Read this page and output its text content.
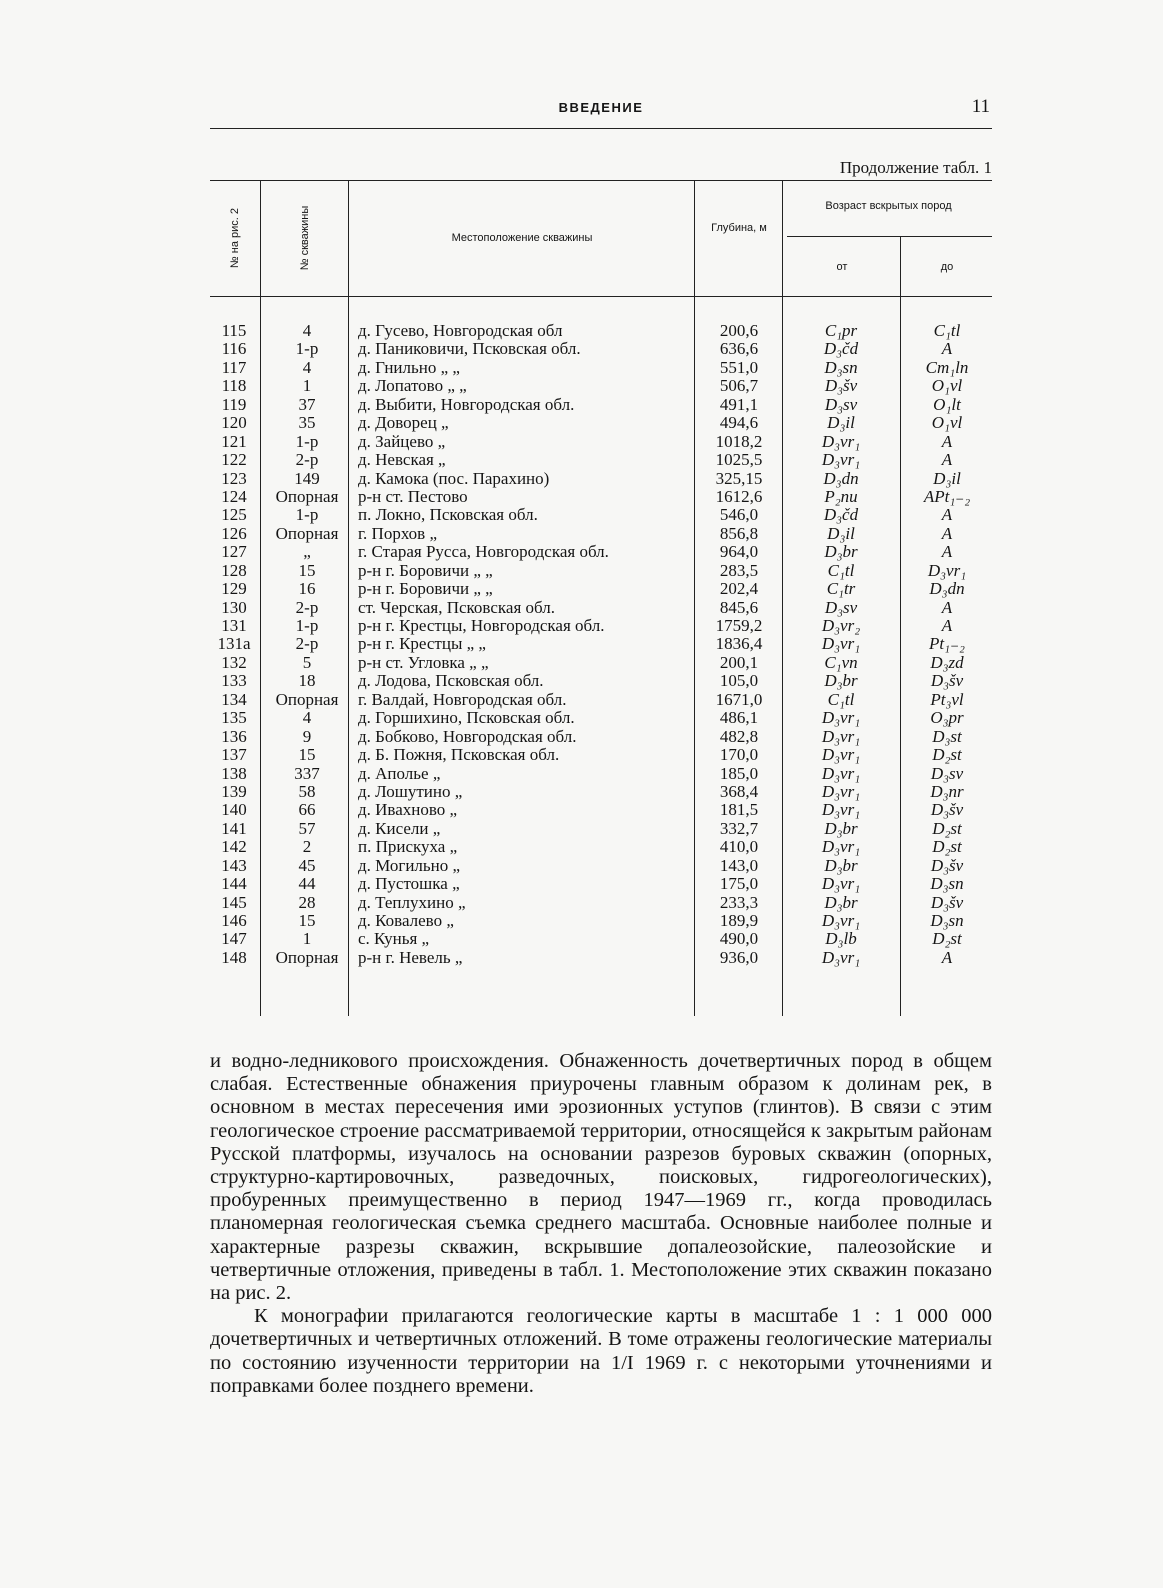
ВВЕДЕНИЕ	11
Продолжение табл. 1
№ на рис. 2	№ скважины	Местоположение скважины
Глубина, м
Возраст вскрытых пород
от	до
115	4	д. Гусево, Новгородская обл	200,6	C₁pr	C₁tl
116	1-р	д. Паниковичи, Псковская обл.	636,6	D₃čd	A
117	4	д. Гнильно „ „	551,0	D₃sn	Cm₁ln
118	1	д. Лопатово „ „	506,7	D₃šv	O₁vl
119	37	д. Выбити, Новгородская обл.	491,1	D₃sv	O₁lt
120	35	д. Доворец „	494,6	D₃il	O₁vl
121	1-р	д. Зайцево „	1018,2	D₃vr₁	A
122	2-р	д. Невская „	1025,5	D₃vr₁	A
123	149	д. Камока (пос. Парахино)	325,15	D₃dn	D₃il
124	Опорная	р-н ст. Пестово	1612,6	P₂nu	APt₁₋₂
125	1-р	п. Локно, Псковская обл.	546,0	D₃čd	A
126	Опорная	г. Порхов „	856,8	D₃il	A
127	„	г. Старая Русса, Новгородская обл.	964,0	D₃br	A
128	15	р-н г. Боровичи „ „	283,5	C₁tl	D₃vr₁
129	16	р-н г. Боровичи „ „	202,4	C₁tr	D₃dn
130	2-р	ст. Черская, Псковская обл.	845,6	D₃sv	A
131	1-р	р-н г. Крестцы, Новгородская обл.	1759,2	D₃vr₂	A
131а	2-р	р-н г. Крестцы „ „	1836,4	D₃vr₁	Pt₁₋₂
132	5	р-н ст. Угловка „ „	200,1	C₁vn	D₃zd
133	18	д. Лодова, Псковская обл.	105,0	D₃br	D₃šv
134	Опорная	г. Валдай, Новгородская обл.	1671,0	C₁tl	Pt₃vl
135	4	д. Горшихино, Псковская обл.	486,1	D₃vr₁	O₃pr
136	9	д. Бобково, Новгородская обл.	482,8	D₃vr₁	D₃st
137	15	д. Б. Пожня, Псковская обл.	170,0	D₃vr₁	D₂st
138	337	д. Аполье „	185,0	D₃vr₁	D₃sv
139	58	д. Лошутино „	368,4	D₃vr₁	D₃nr
140	66	д. Ивахново „	181,5	D₃vr₁	D₃šv
141	57	д. Кисели „	332,7	D₃br	D₂st
142	2	п. Прискуха „	410,0	D₃vr₁	D₂st
143	45	д. Могильно „	143,0	D₃br	D₃šv
144	44	д. Пустошка „	175,0	D₃vr₁	D₃sn
145	28	д. Теплухино „	233,3	D₃br	D₃šv
146	15	д. Ковалево „	189,9	D₃vr₁	D₃sn
147	1	с. Кунья „	490,0	D₃lb	D₂st
148	Опорная	р-н г. Невель „	936,0	D₃vr₁	A

и водно-ледникового происхождения. Обнаженность дочетвертичных пород в общем слабая. Естественные обнажения приурочены главным образом к долинам рек, в основном в местах пересечения ими эрозионных уступов (глинтов). В связи с этим геологическое строение рассматриваемой территории, относящейся к закрытым районам Русской платформы, изучалось на основании разрезов буровых скважин (опорных, структурно-картировочных, разведочных, поисковых, гидрогеологических), пробуренных преимущественно в период 1947—1969 гг., когда проводилась планомерная геологическая съемка среднего масштаба. Основные наиболее полные и характерные разрезы скважин, вскрывшие допалеозойские, палеозойские и четвертичные отложения, приведены в табл. 1. Местоположение этих скважин показано на рис. 2.

К монографии прилагаются геологические карты в масштабе 1 : 1 000 000 дочетвертичных и четвертичных отложений. В томе отражены геологические материалы по состоянию изученности территории на 1/I 1969 г. с некоторыми уточнениями и поправками более позднего времени.
